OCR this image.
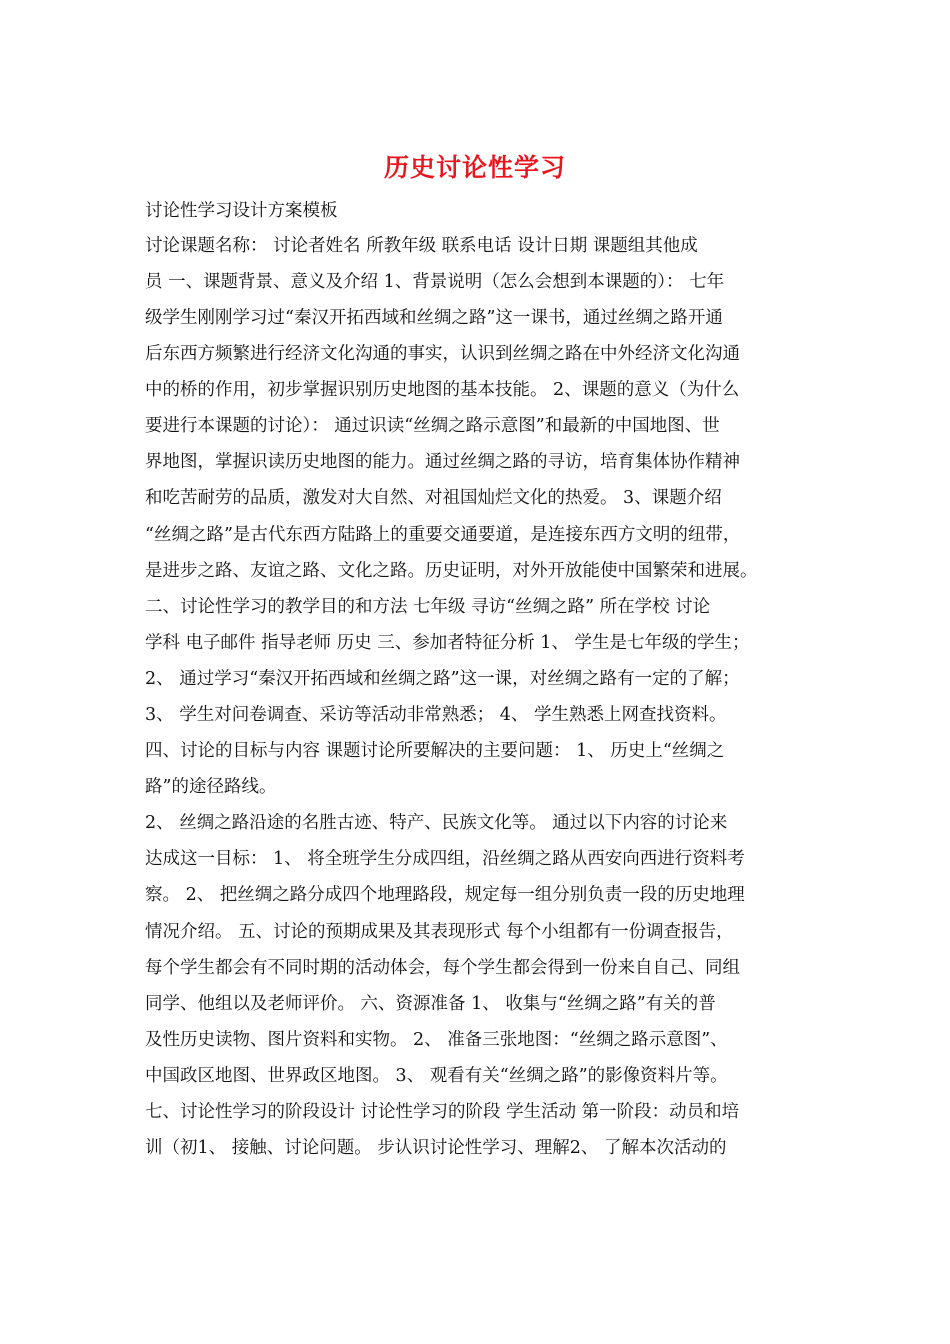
历史讨论性学习
讨论性学习设计方案模板
讨论课题名称： 讨论者姓名 所教年级 联系电话 设计日期 课题组其他成
员 一、课题背景、意义及介绍 1、背景说明（怎么会想到本课题的）： 七年
级学生刚刚学习过“秦汉开拓西域和丝绸之路”这一课书，通过丝绸之路开通
后东西方频繁进行经济文化沟通的事实，认识到丝绸之路在中外经济文化沟通
中的桥的作用，初步掌握识别历史地图的基本技能。 2、课题的意义（为什么
要进行本课题的讨论）： 通过识读“丝绸之路示意图”和最新的中国地图、世
界地图，掌握识读历史地图的能力。通过丝绸之路的寻访，培育集体协作精神
和吃苦耐劳的品质，激发对大自然、对祖国灿烂文化的热爱。 3、课题介绍
“丝绸之路”是古代东西方陆路上的重要交通要道，是连接东西方文明的纽带，
是进步之路、友谊之路、文化之路。历史证明，对外开放能使中国繁荣和进展。
二、讨论性学习的教学目的和方法 七年级 寻访“丝绸之路” 所在学校 讨论
学科 电子邮件 指导老师 历史 三、参加者特征分析 1、 学生是七年级的学生；
2、 通过学习“秦汉开拓西域和丝绸之路”这一课，对丝绸之路有一定的了解；
3、 学生对问卷调查、采访等活动非常熟悉； 4、 学生熟悉上网查找资料。
四、讨论的目标与内容 课题讨论所要解决的主要问题： 1、 历史上“丝绸之
路”的途径路线。
2、 丝绸之路沿途的名胜古迹、特产、民族文化等。 通过以下内容的讨论来
达成这一目标： 1、 将全班学生分成四组，沿丝绸之路从西安向西进行资料考
察。 2、 把丝绸之路分成四个地理路段，规定每一组分别负责一段的历史地理
情况介绍。 五、讨论的预期成果及其表现形式 每个小组都有一份调查报告，
每个学生都会有不同时期的活动体会，每个学生都会得到一份来自自己、同组
同学、他组以及老师评价。 六、资源准备 1、 收集与“丝绸之路”有关的普
及性历史读物、图片资料和实物。 2、 准备三张地图：“丝绸之路示意图”、
中国政区地图、世界政区地图。 3、 观看有关“丝绸之路”的影像资料片等。
七、讨论性学习的阶段设计 讨论性学习的阶段 学生活动 第一阶段：动员和培
训（初1、 接触、讨论问题。 步认识讨论性学习、理解2、 了解本次活动的
